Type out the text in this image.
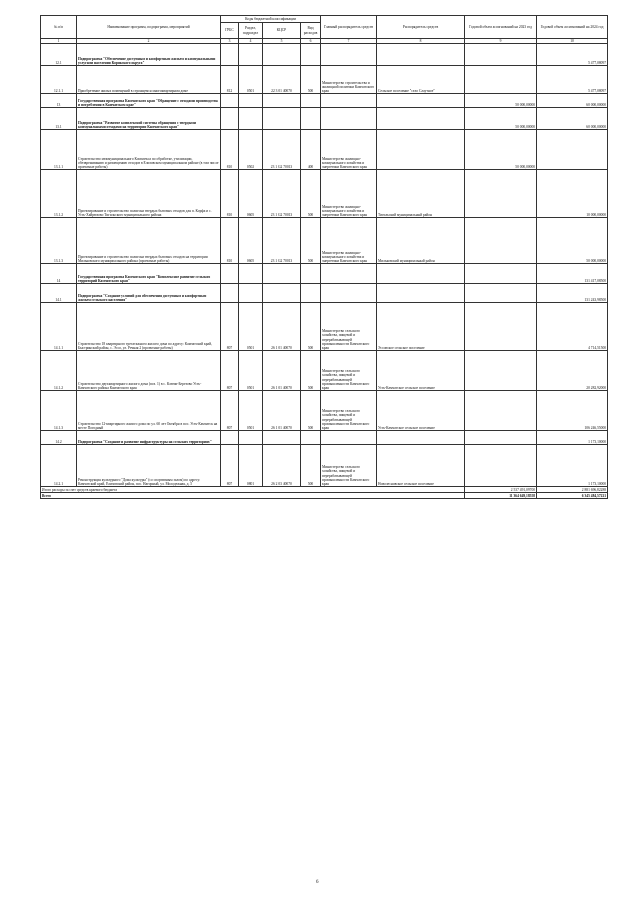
№ п/п	Наименование программ, подпрограмм, мероприятий	Коды бюджетной классификации				Главный распорядитель средств	Распорядитель средств	Годовой объем ассигнований на 2023 год	Годовой объем ассигнований на 2024 год
		ГРБС	Раздел, подраздел	КЦСР	Вид расходов				
1	2	3	4	5	6	7	8	9	10
12.1	Подпрограмма "Обеспечение доступным и комфортным жильем и коммунальными услугами населения Корякского округа"								5 477,08097
12.1.1	Приобретение жилых помещений в строящемся многоквартирном доме	812	0501	22 3 01 40070	500	Министерство строительства и жилищной политики Камчатского края	Сельское поселение "село Слаутное"		5 477,08097
13	Государственная программа Камчатского края "Обращение с отходами производства и потребления в Камчатском крае"							50 000,00000	60 000,00000
13.1	Подпрограмма "Развитие комплексной системы обращения с твердыми коммунальными отходами на территории Камчатского края"							50 000,00000	60 000,00000
13.1.1	Строительство межмуниципального Комплекса по обработке, утилизации, обезвреживанию и размещению отходов в Елизовском муниципальном районе (в том числе проектные работы)	810	0502	23 1 G2 70013	400	Министерство жилищно-коммунального хозяйства и энергетики Камчатского края		50 000,00000	
13.1.2	Проектирование и строительство полигона твердых бытовых отходов для п. Корфа и с. Усть-Хайрюзово Тигильского муниципального района	810	0605	23 1 G2 70013	500	Министерство жилищно-коммунального хозяйства и энергетики Камчатского края	Тигильский муниципальный район		10 000,00000
13.1.3	Проектирование и строительство полигона твердых бытовых отходов на территории Мильковского муниципального района (проектные работы)	810	0605	23 1 G2 70013	500	Министерство жилищно-коммунального хозяйства и энергетики Камчатского края	Мильковский муниципальный район		50 000,00000
14	Государственная программа Камчатского края "Комплексное развитие сельских территорий Камчатского края"								131 417,08500
14.1	Подпрограмма "Создание условий для обеспечения доступным и комфортным жильем сельского населения"								131 243,98500
14.1.1	Строительство 18 квартирного трехэтажного жилого дома по адресу: Камчатский край, Быстринский район, с. Эссо, ул. Речная 2 (проектные работы)	807	0501	26 1 01 40070	500	Министерство сельского хозяйства, пищевой и перерабатывающей промышленности Камчатского края	Эссовское сельское поселение		4 714,51500
14.1.2	Строительство двухквартирного жилого дома (поз. 1) в с. Ключи-Березово Усть-Камчатского района Камчатского края	807	0501	26 1 01 40070	500	Министерство сельского хозяйства, пищевой и перерабатывающей промышленности Камчатского края	Усть-Камчатское сельское поселение		20 282,92000
14.1.3	Строительство 12-квартирного жилого дома по ул. 60 лет Октября в пос. Усть-Камчатск на месте Погодный	807	0501	26 1 01 40070	500	Министерство сельского хозяйства, пищевой и перерабатывающей промышленности Камчатского края	Усть-Камчатское сельское поселение		106 246,55000
14.2	Подпрограмма "Создание и развитие инфраструктуры на сельских территориях"								1 173,10000
14.2.1	Реконструкция культурного "Дома культуры" (со спортивным залом) по адресу: Камчатский край, Елизовский район, пос. Нагорный, ул. Молодежная, д. 5	807	0801	26 2 03 40070	500	Министерство сельского хозяйства, пищевой и перерабатывающей промышленности Камчатского края	Новолесновское сельское поселение		1 173,10000
Итого расходы за счет средств краевого бюджета								2 537 491,09700	2 881 696,82288
Всего								11 364 649,18558	6 345 484,57221
6
